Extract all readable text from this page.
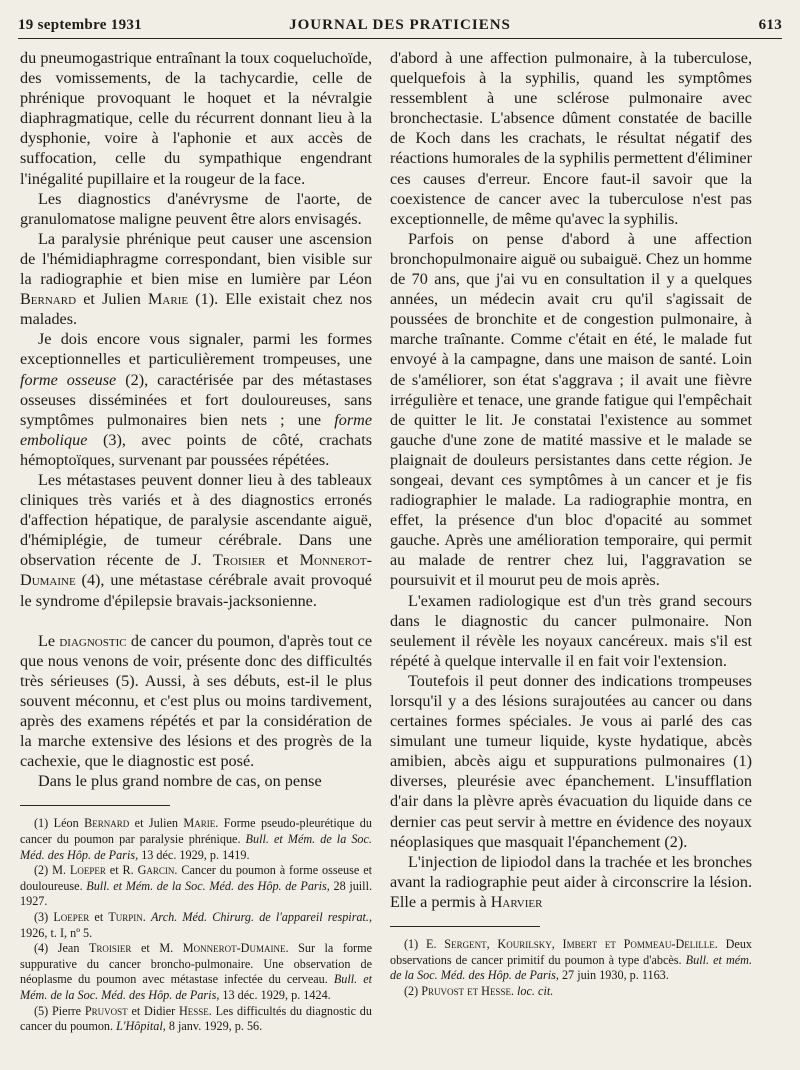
19 septembre 1931	JOURNAL DES PRATICIENS	613

du pneumogastrique entraînant la toux coqueluchoïde, des vomissements, de la tachycardie, celle de phrénique provoquant le hoquet et la névralgie diaphragmatique, celle du récurrent donnant lieu à la dysphonie, voire à l'aphonie et aux accès de suffocation, celle du sympathique engendrant l'inégalité pupillaire et la rougeur de la face.

Les diagnostics d'anévrysme de l'aorte, de granulomatose maligne peuvent être alors envisagés.

La paralysie phrénique peut causer une ascension de l'hémidiaphragme correspondant, bien visible sur la radiographie et bien mise en lumière par Léon Bernard et Julien Marie (1). Elle existait chez nos malades.

Je dois encore vous signaler, parmi les formes exceptionnelles et particulièrement trompeuses, une forme osseuse (2), caractérisée par des métastases osseuses disséminées et fort douloureuses, sans symptômes pulmonaires bien nets ; une forme embolique (3), avec points de côté, crachats hémoptoïques, survenant par poussées répétées.

Les métastases peuvent donner lieu à des tableaux cliniques très variés et à des diagnostics erronés d'affection hépatique, de paralysie ascendante aiguë, d'hémiplégie, de tumeur cérébrale. Dans une observation récente de J. Troisier et Monnerot-Dumaine (4), une métastase cérébrale avait provoqué le syndrome d'épilepsie bravais-jacksonienne.

Le diagnostic de cancer du poumon, d'après tout ce que nous venons de voir, présente donc des difficultés très sérieuses (5). Aussi, à ses débuts, est-il le plus souvent méconnu, et c'est plus ou moins tardivement, après des examens répétés et par la considération de la marche extensive des lésions et des progrès de la cachexie, que le diagnostic est posé.

Dans le plus grand nombre de cas, on pense

(1) Léon Bernard et Julien Marie. Forme pseudo-pleurétique du cancer du poumon par paralysie phrénique. Bull. et Mém. de la Soc. Méd. des Hôp. de Paris, 13 déc. 1929, p. 1419.

(2) M. Loeper et R. Garcin. Cancer du poumon à forme osseuse et douloureuse. Bull. et Mém. de la Soc. Méd. des Hôp. de Paris, 28 juill. 1927.

(3) Loeper et Turpin. Arch. Méd. Chirurg. de l'appareil respirat., 1926, t. I, nº 5.

(4) Jean Troisier et M. Monnerot-Dumaine. Sur la forme suppurative du cancer broncho-pulmonaire. Une observation de néoplasme du poumon avec métastase infectée du cerveau. Bull. et Mém. de la Soc. Méd. des Hôp. de Paris, 13 déc. 1929, p. 1424.

(5) Pierre Pruvost et Didier Hesse. Les difficultés du diagnostic du cancer du poumon. L'Hôpital, 8 janv. 1929, p. 56.

d'abord à une affection pulmonaire, à la tuberculose, quelquefois à la syphilis, quand les symptômes ressemblent à une sclérose pulmonaire avec bronchectasie. L'absence dûment constatée de bacille de Koch dans les crachats, le résultat négatif des réactions humorales de la syphilis permettent d'éliminer ces causes d'erreur. Encore faut-il savoir que la coexistence de cancer avec la tuberculose n'est pas exceptionnelle, de même qu'avec la syphilis.

Parfois on pense d'abord à une affection bronchopulmonaire aiguë ou subaiguë. Chez un homme de 70 ans, que j'ai vu en consultation il y a quelques années, un médecin avait cru qu'il s'agissait de poussées de bronchite et de congestion pulmonaire, à marche traînante. Comme c'était en été, le malade fut envoyé à la campagne, dans une maison de santé. Loin de s'améliorer, son état s'aggrava ; il avait une fièvre irrégulière et tenace, une grande fatigue qui l'empêchait de quitter le lit. Je constatai l'existence au sommet gauche d'une zone de matité massive et le malade se plaignait de douleurs persistantes dans cette région. Je songeai, devant ces symptômes à un cancer et je fis radiographier le malade. La radiographie montra, en effet, la présence d'un bloc d'opacité au sommet gauche. Après une amélioration temporaire, qui permit au malade de rentrer chez lui, l'aggravation se poursuivit et il mourut peu de mois après.

L'examen radiologique est d'un très grand secours dans le diagnostic du cancer pulmonaire. Non seulement il révèle les noyaux cancéreux. mais s'il est répété à quelque intervalle il en fait voir l'extension.

Toutefois il peut donner des indications trompeuses lorsqu'il y a des lésions surajoutées au cancer ou dans certaines formes spéciales. Je vous ai parlé des cas simulant une tumeur liquide, kyste hydatique, abcès amibien, abcès aigu et suppurations pulmonaires (1) diverses, pleurésie avec épanchement. L'insufflation d'air dans la plèvre après évacuation du liquide dans ce dernier cas peut servir à mettre en évidence des noyaux néoplasiques que masquait l'épanchement (2).

L'injection de lipiodol dans la trachée et les bronches avant la radiographie peut aider à circonscrire la lésion. Elle a permis à Harvier

(1) E. Sergent, Kourilsky, Imbert et Pommeau-Delille. Deux observations de cancer primitif du poumon à type d'abcès. Bull. et mém. de la Soc. Méd. des Hôp. de Paris, 27 juin 1930, p. 1163.

(2) Pruvost et Hesse. loc. cit.
